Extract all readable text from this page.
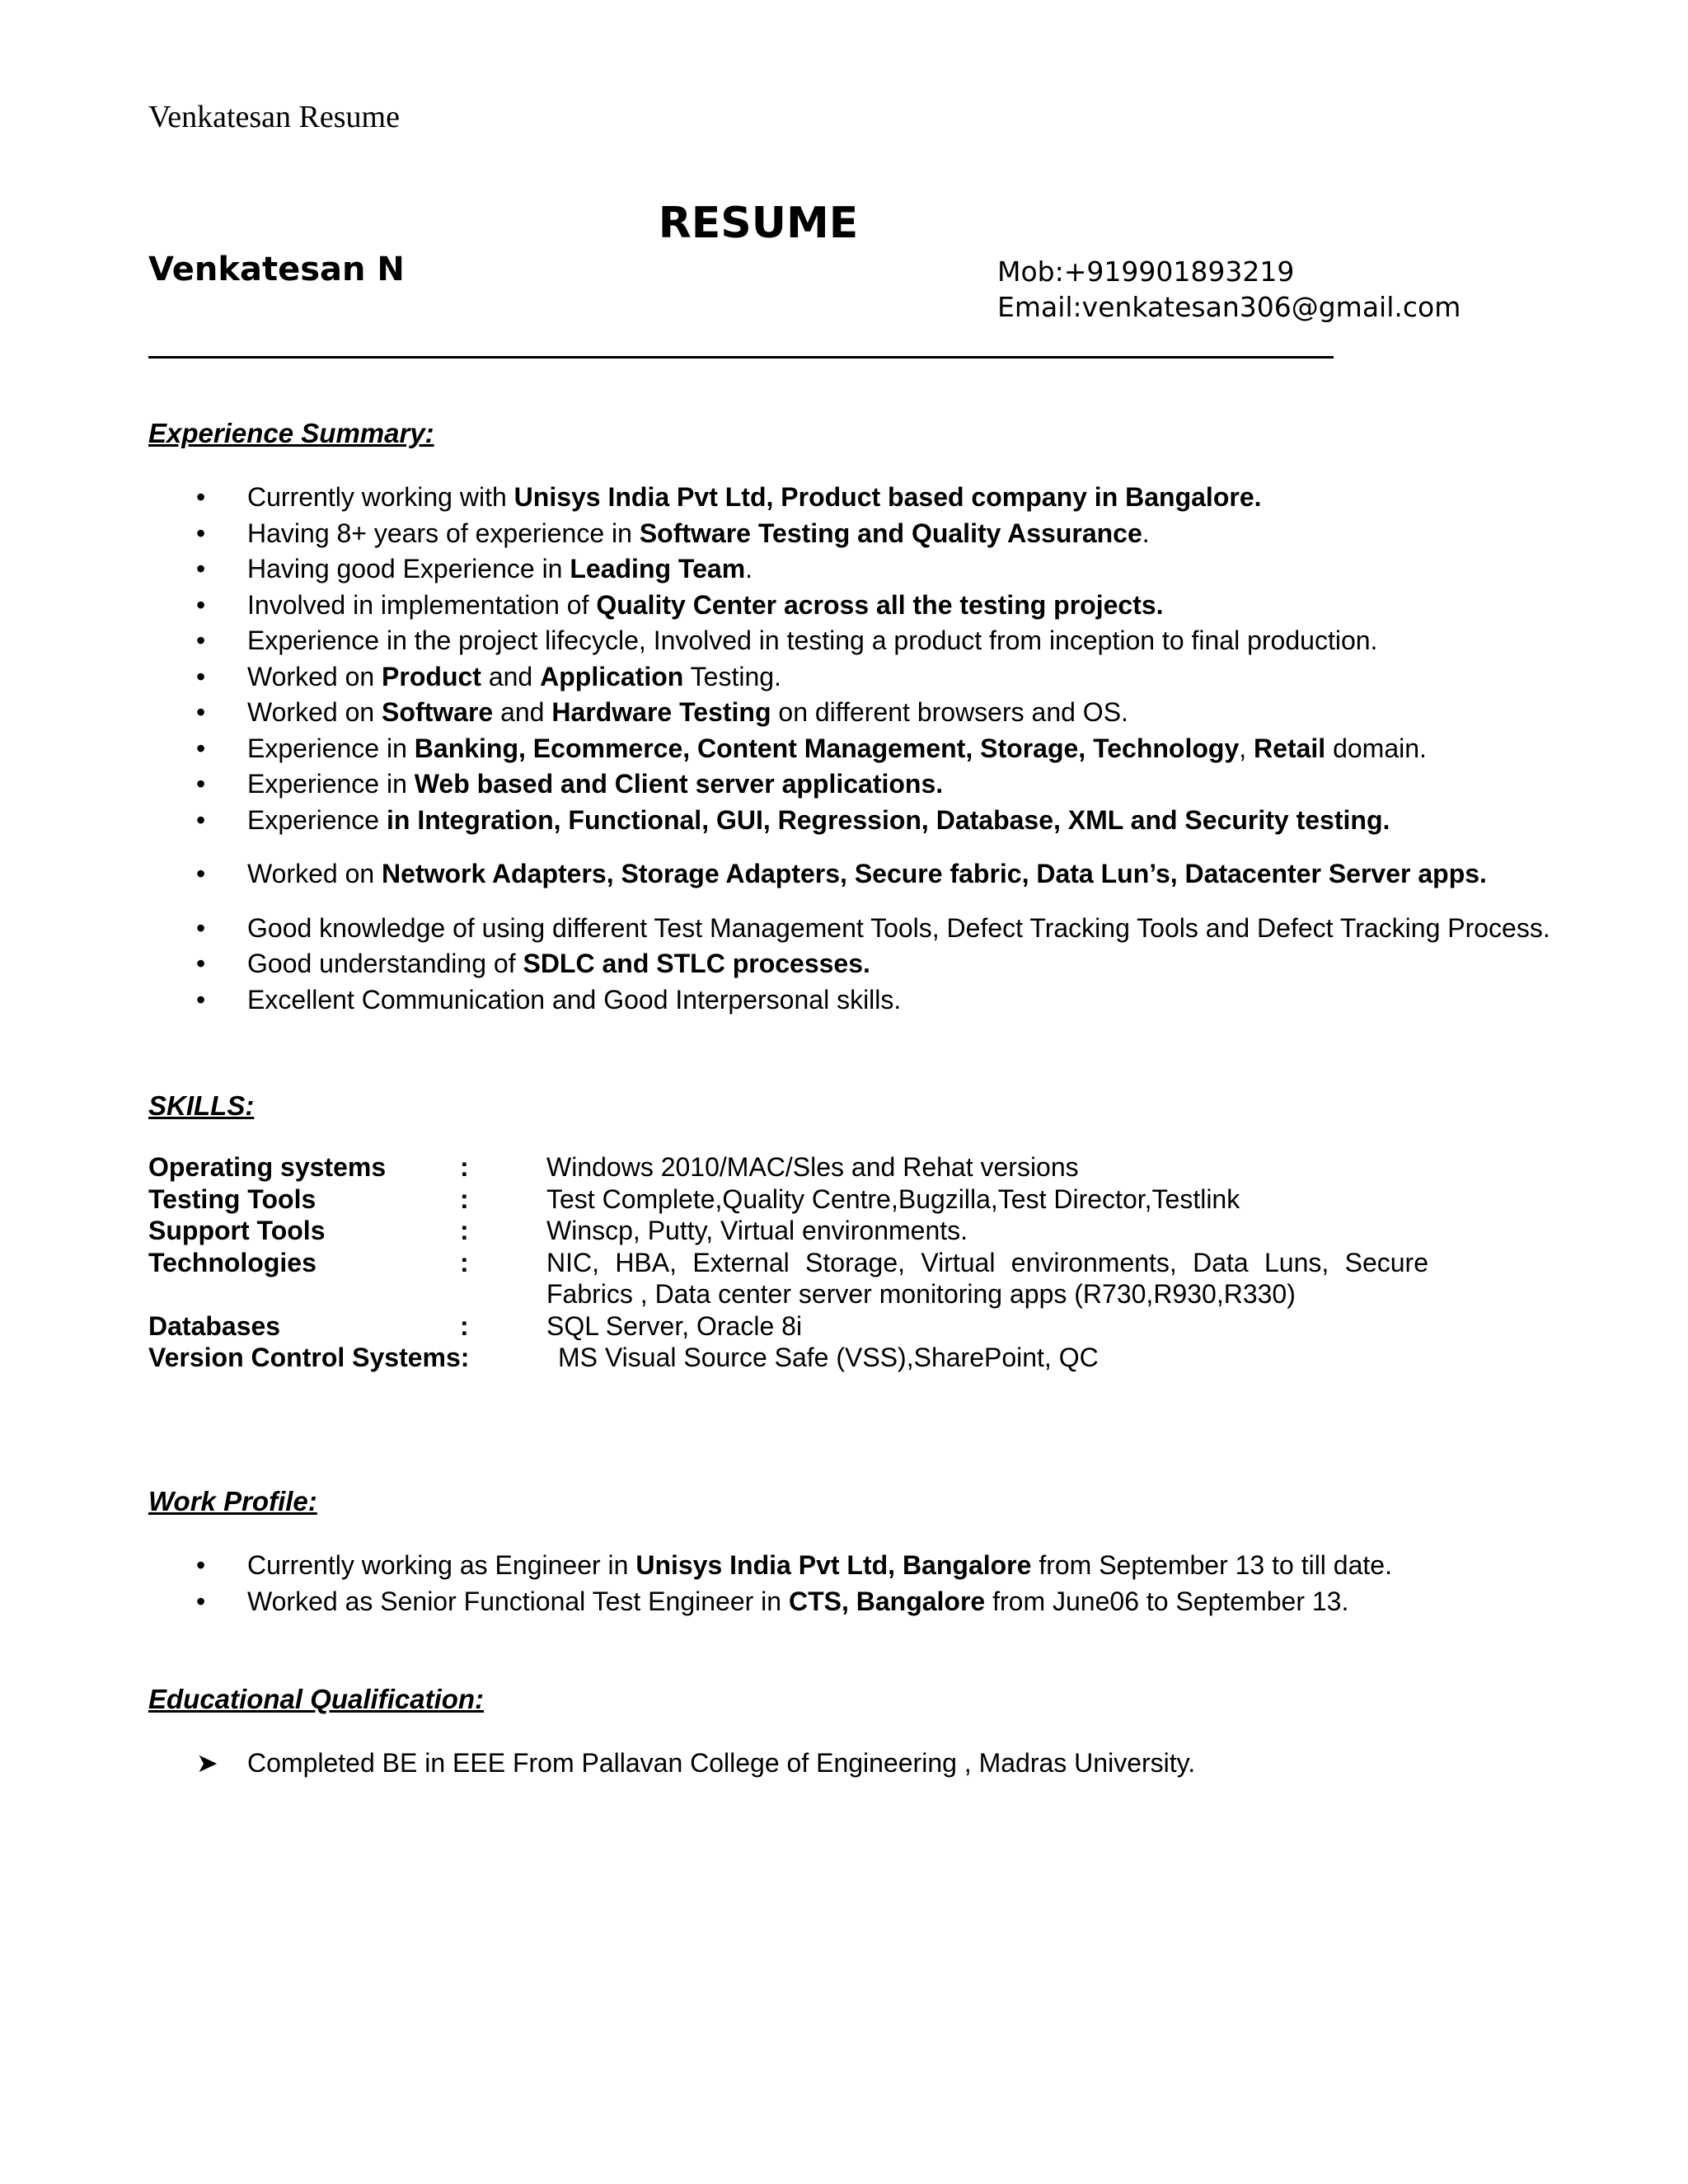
Venkatesan Resume
RESUME
Venkatesan N	Mob:+919901893219
Email:venkatesan306@gmail.com
Experience Summary:
•	Currently working with Unisys India Pvt Ltd, Product based company in Bangalore.
•	Having 8+ years of experience in Software Testing and Quality Assurance.
•	Having good Experience in Leading Team.
•	Involved in implementation of Quality Center across all the testing projects.
•	Experience in the project lifecycle, Involved in testing a product from inception to final production.
•	Worked on Product and Application Testing.
•	Worked on Software and Hardware Testing on different browsers and OS.
•	Experience in Banking, Ecommerce, Content Management, Storage, Technology, Retail domain.
•	Experience in Web based and Client server applications.
•	Experience in Integration, Functional, GUI, Regression, Database, XML and Security testing.
•	Worked on Network Adapters, Storage Adapters, Secure fabric, Data Lun’s, Datacenter Server apps.
•	Good knowledge of using different Test Management Tools, Defect Tracking Tools and Defect Tracking Process.
•	Good understanding of SDLC and STLC processes.
•	Excellent Communication and Good Interpersonal skills.
SKILLS:
Operating systems	:	Windows 2010/MAC/Sles and Rehat versions
Testing Tools	:	Test Complete,Quality Centre,Bugzilla,Test Director,Testlink
Support Tools	:	Winscp, Putty, Virtual environments.
Technologies	:	NIC, HBA, External Storage, Virtual environments, Data Luns, Secure Fabrics , Data center server monitoring apps (R730,R930,R330)
Databases	:	SQL Server, Oracle 8i
Version Control Systems:	MS Visual Source Safe (VSS),SharePoint, QC
Work Profile:
•	Currently working as Engineer in Unisys India Pvt Ltd, Bangalore from September 13 to till date.
•	Worked as Senior Functional Test Engineer in CTS, Bangalore from June06 to September 13.
Educational Qualification:
➤ Completed BE in EEE From Pallavan College of Engineering , Madras University.
